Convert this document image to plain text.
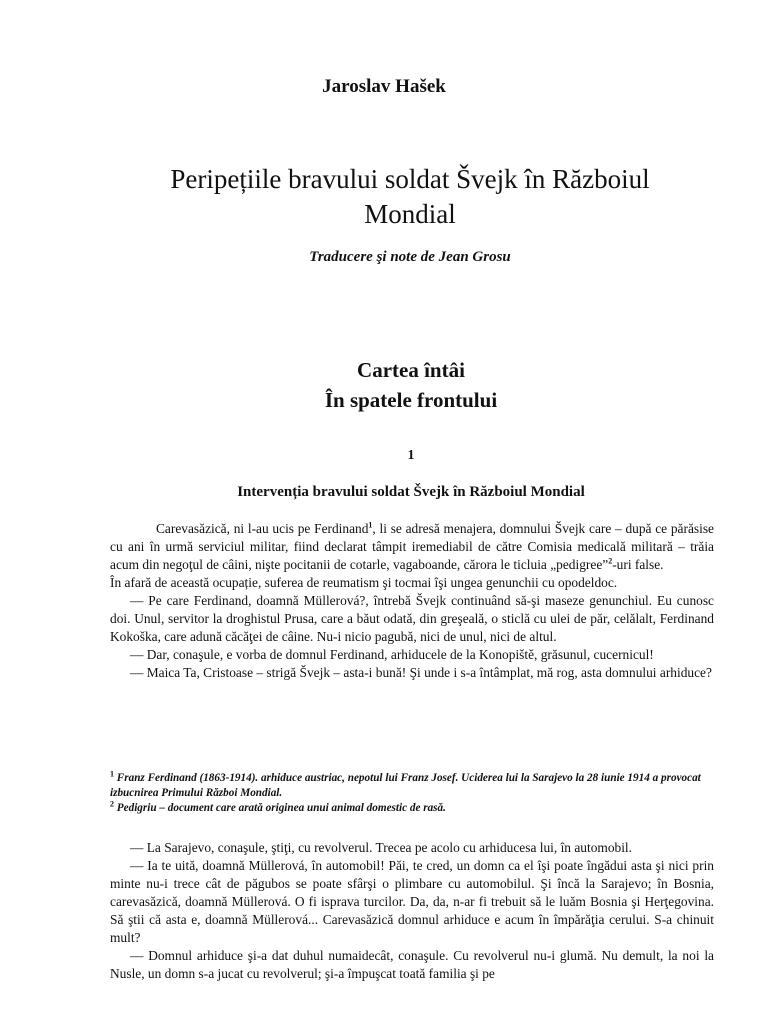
Jaroslav Hašek
Peripețiile bravului soldat Švejk în Războiul Mondial
Traducere şi note de Jean Grosu
Cartea întâi
În spatele frontului
1
Intervenția bravului soldat Švejk în Războiul Mondial

Carevasăzică, ni l-au ucis pe Ferdinand$^1$, li se adresă menajera, domnului Švejk care – după ce părăsise cu ani în urmă serviciul militar, fiind declarat tâmpit iremediabil de către Comisia medicală militară – trăia acum din negoţul de câini, nişte pocitanii de cotarle, vagaboande, cărora le ticluia „pedigree”$^2$-uri false.

În afară de această ocupație, suferea de reumatism şi tocmai îşi ungea genunchii cu opodeldoc.

— Pe care Ferdinand, doamnă Müllerová?, întrebă Švejk continuând să-şi maseze genunchiul. Eu cunosc doi. Unul, servitor la droghistul Prusa, care a băut odată, din greşeală, o sticlă cu ulei de păr, celălalt, Ferdinand Kokoška, care adună căcăţei de câine. Nu-i nicio pagubă, nici de unul, nici de altul.

— Dar, conaşule, e vorba de domnul Ferdinand, arhiducele de la Konopiště, grăsunul, cucernicul!

— Maica Ta, Cristoase – strigă Švejk – asta-i bună! Şi unde i s-a întâmplat, mă rog, asta domnului arhiduce?

$^1$ Franz Ferdinand (1863-1914). arhiduce austriac, nepotul lui Franz Josef. Uciderea lui la Sarajevo la 28 iunie 1914 a provocat izbucnirea Primului Război Mondial.

$^2$ Pedigriu – document care arată originea unui animal domestic de rasă.

— La Sarajevo, conaşule, ştiţi, cu revolverul. Trecea pe acolo cu arhiducesa lui, în automobil.

— Ia te uită, doamnă Müllerová, în automobil! Păi, te cred, un domn ca el îşi poate îngădui asta şi nici prin minte nu-i trece cât de păgubos se poate sfârşi o plimbare cu automobilul. Şi încă la Sarajevo; în Bosnia, carevasăzică, doamnă Müllerová. O fi isprava turcilor. Da, da, n-ar fi trebuit să le luăm Bosnia şi Herţegovina. Să ştii că asta e, doamnă Müllerová... Carevasăzică domnul arhiduce e acum în împărăţia cerului. S-a chinuit mult?

— Domnul arhiduce şi-a dat duhul numaidecât, conaşule. Cu revolverul nu-i glumă. Nu demult, la noi la Nusle, un domn s-a jucat cu revolverul; şi-a împuşcat toată familia şi pe
